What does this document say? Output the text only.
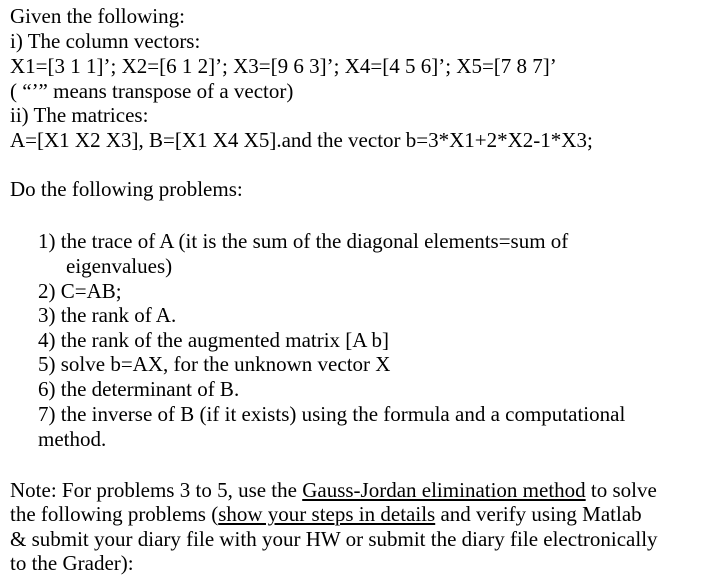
Given the following:
i) The column vectors:
X1=[3 1 1]’; X2=[6 1 2]’; X3=[9 6 3]’; X4=[4 5 6]’; X5=[7 8 7]’
( “’” means transpose of a vector)
ii) The matrices:
A=[X1 X2 X3], B=[X1 X4 X5].and the vector b=3*X1+2*X2-1*X3;
Do the following problems:
1) the trace of A (it is the sum of the diagonal elements=sum of
eigenvalues)
2) C=AB;
3) the rank of A.
4) the rank of the augmented matrix [A b]
5) solve b=AX, for the unknown vector X
6) the determinant of B.
7) the inverse of B (if it exists) using the formula and a computational
method.
Note: For problems 3 to 5, use the Gauss-Jordan elimination method to solve
the following problems (show your steps in details and verify using Matlab
& submit your diary file with your HW or submit the diary file electronically
to the Grader):
